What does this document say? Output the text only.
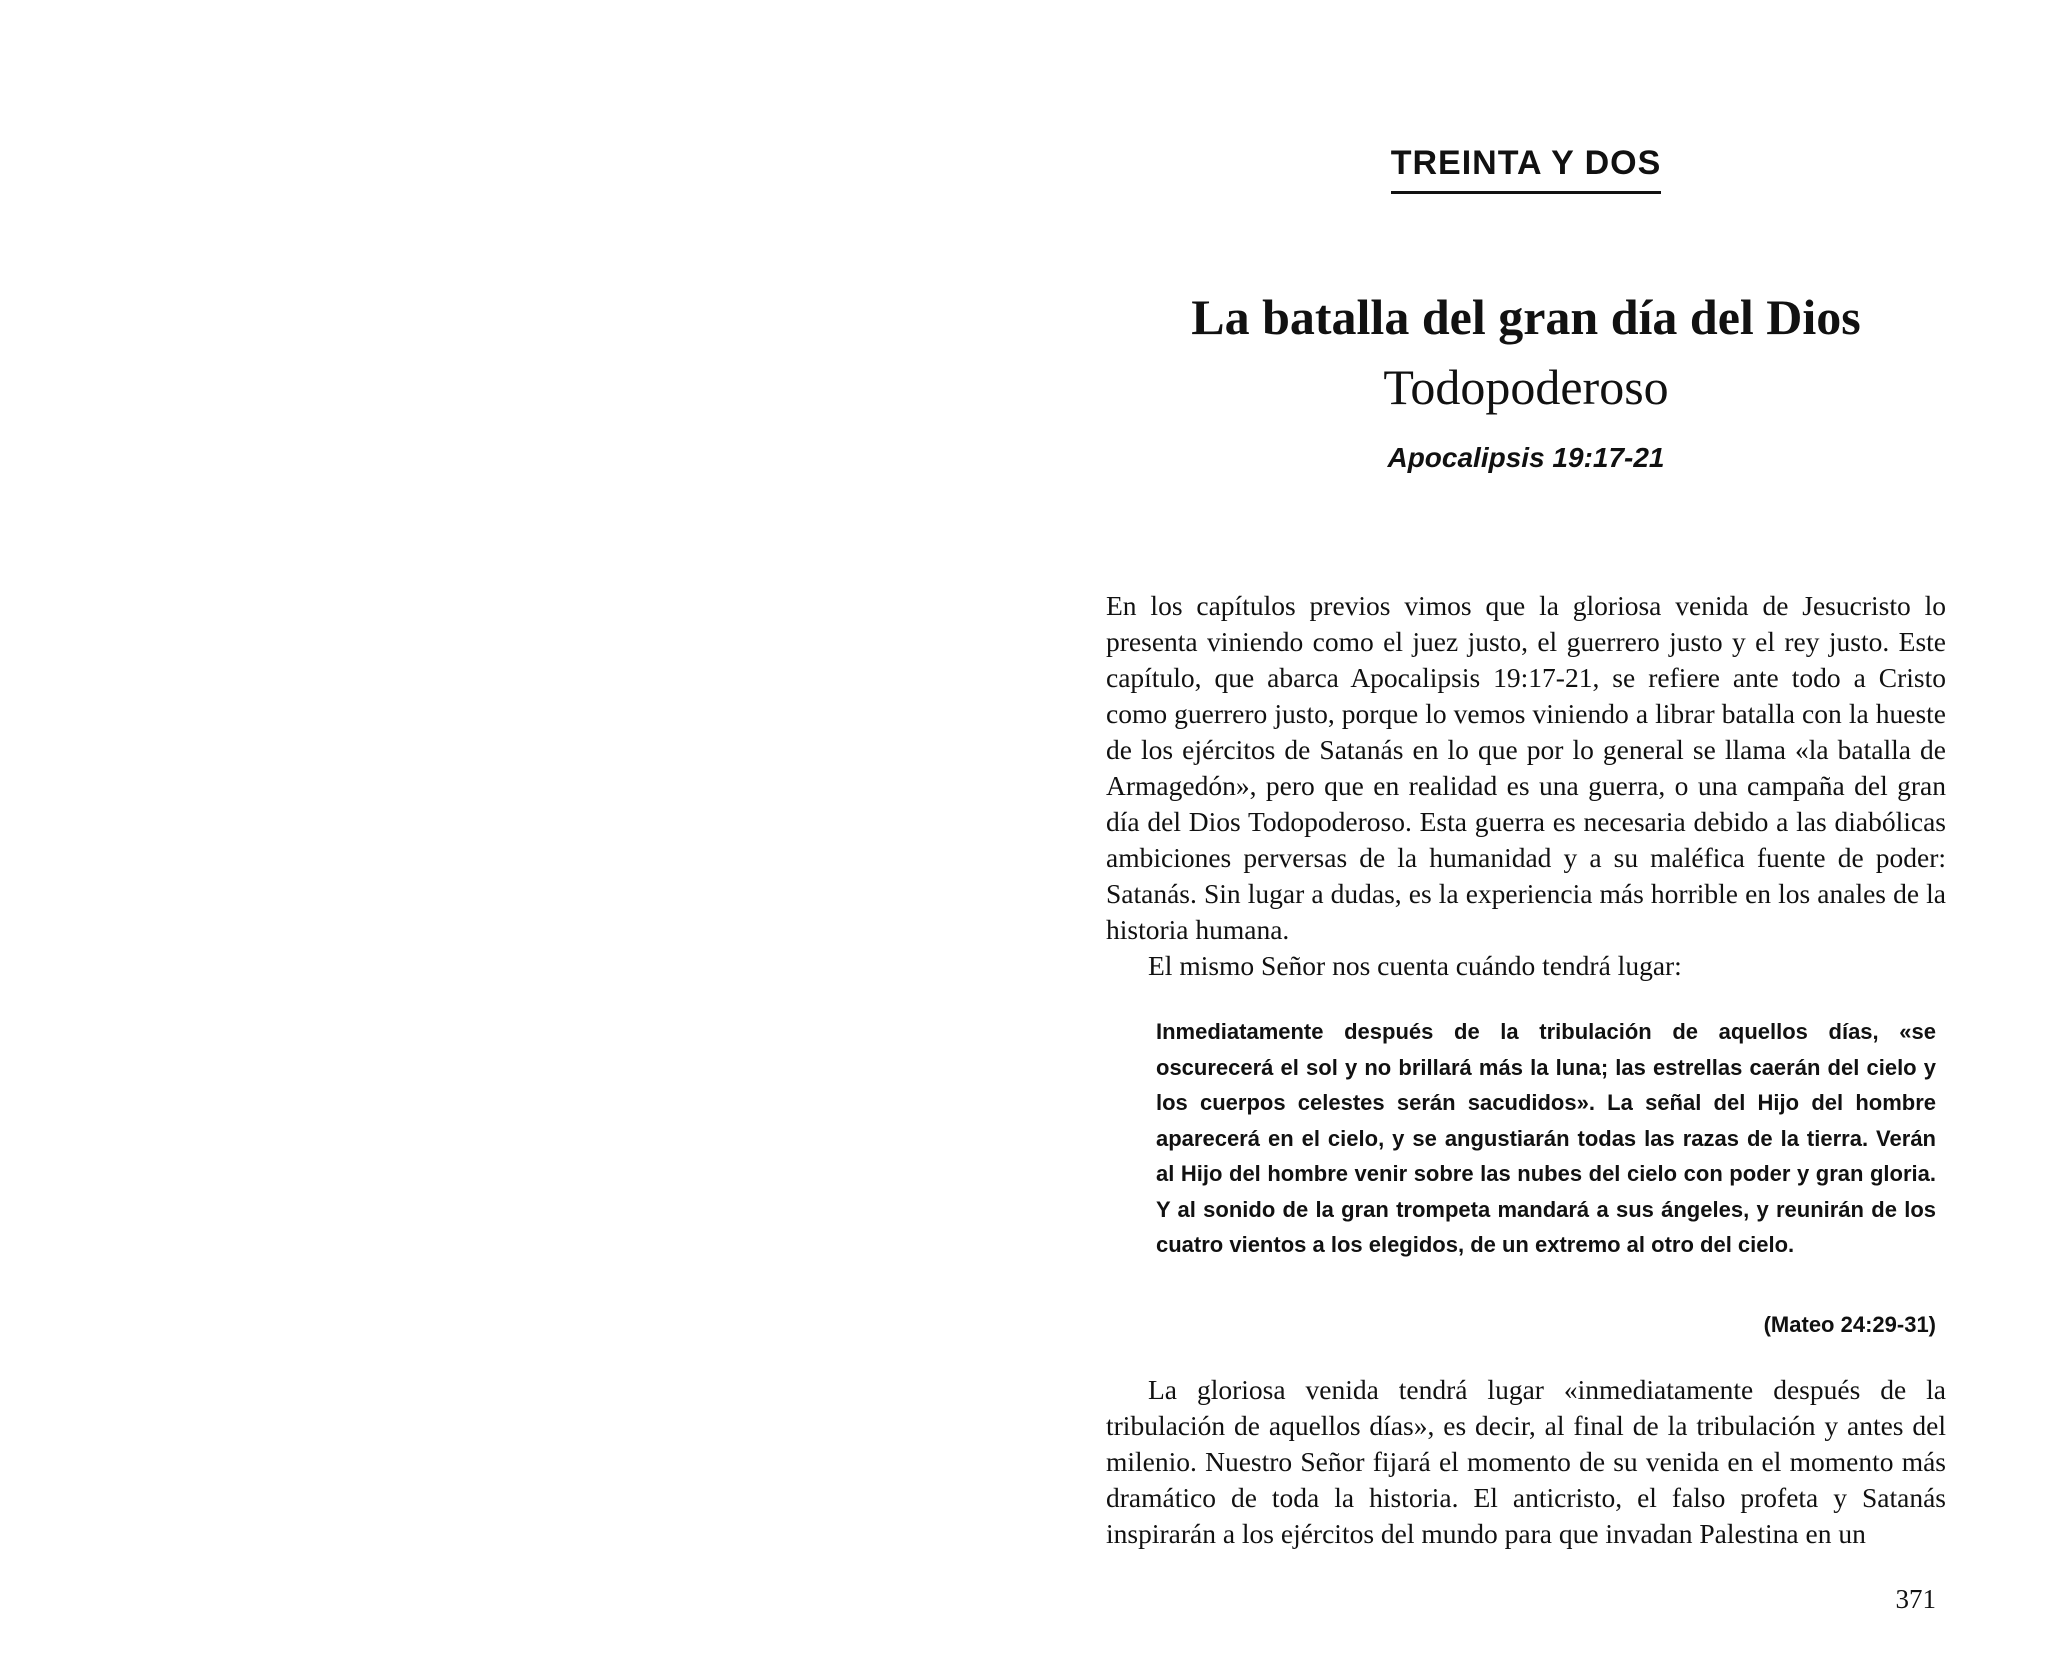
TREINTA Y DOS
La batalla del gran día del Dios
Todopoderoso
Apocalipsis 19:17-21

En los capítulos previos vimos que la gloriosa venida de Jesucristo lo presenta viniendo como el juez justo, el guerrero justo y el rey justo. Este capítulo, que abarca Apocalipsis 19:17-21, se refiere ante todo a Cristo como guerrero justo, porque lo vemos viniendo a librar batalla con la hueste de los ejércitos de Satanás en lo que por lo general se llama «la batalla de Armagedón», pero que en realidad es una guerra, o una campaña del gran día del Dios Todopoderoso. Esta guerra es necesaria debido a las diabólicas ambiciones perversas de la humanidad y a su maléfica fuente de poder: Satanás. Sin lugar a dudas, es la experiencia más horrible en los anales de la historia humana.

El mismo Señor nos cuenta cuándo tendrá lugar:

Inmediatamente después de la tribulación de aquellos días, «se oscurecerá el sol y no brillará más la luna; las estrellas caerán del cielo y los cuerpos celestes serán sacudidos». La señal del Hijo del hombre aparecerá en el cielo, y se angustiarán todas las razas de la tierra. Verán al Hijo del hombre venir sobre las nubes del cielo con poder y gran gloria. Y al sonido de la gran trompeta mandará a sus ángeles, y reunirán de los cuatro vientos a los elegidos, de un extremo al otro del cielo.

(Mateo 24:29-31)

La gloriosa venida tendrá lugar «inmediatamente después de la tribulación de aquellos días», es decir, al final de la tribulación y antes del milenio. Nuestro Señor fijará el momento de su venida en el momento más dramático de toda la historia. El anticristo, el falso profeta y Satanás inspirarán a los ejércitos del mundo para que invadan Palestina en un

371
